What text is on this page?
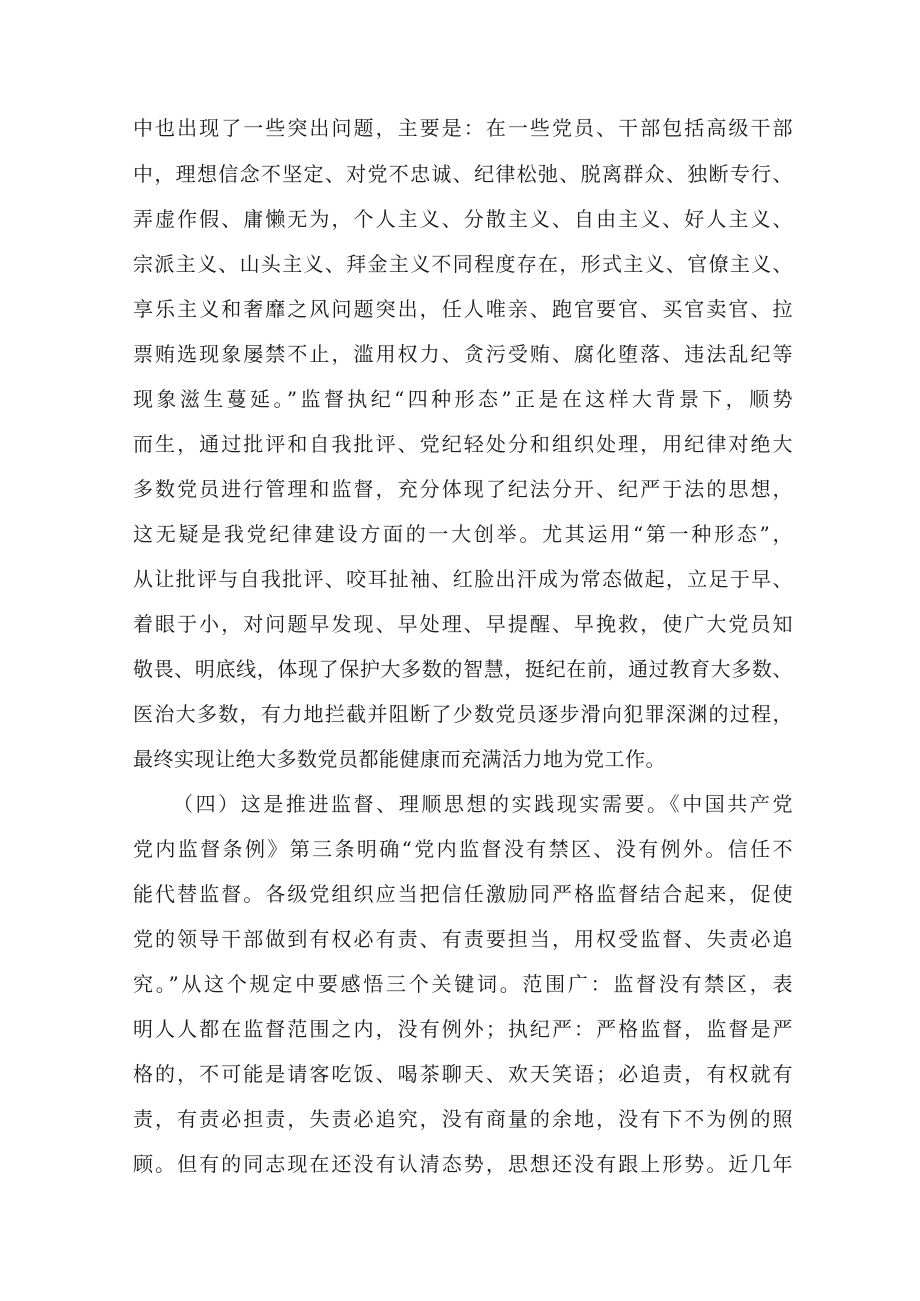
中也出现了一些突出问题，主要是：在一些党员、干部包括高级干部
中，理想信念不坚定、对党不忠诚、纪律松弛、脱离群众、独断专行、
弄虚作假、庸懒无为，个人主义、分散主义、自由主义、好人主义、
宗派主义、山头主义、拜金主义不同程度存在，形式主义、官僚主义、
享乐主义和奢靡之风问题突出，任人唯亲、跑官要官、买官卖官、拉
票贿选现象屡禁不止，滥用权力、贪污受贿、腐化堕落、违法乱纪等
现象滋生蔓延。”监督执纪“四种形态”正是在这样大背景下，顺势
而生，通过批评和自我批评、党纪轻处分和组织处理，用纪律对绝大
多数党员进行管理和监督，充分体现了纪法分开、纪严于法的思想，
这无疑是我党纪律建设方面的一大创举。尤其运用“第一种形态”，
从让批评与自我批评、咬耳扯袖、红脸出汗成为常态做起，立足于早、
着眼于小，对问题早发现、早处理、早提醒、早挽救，使广大党员知
敬畏、明底线，体现了保护大多数的智慧，挺纪在前，通过教育大多数、
医治大多数，有力地拦截并阻断了少数党员逐步滑向犯罪深渊的过程，
最终实现让绝大多数党员都能健康而充满活力地为党工作。
（四）这是推进监督、理顺思想的实践现实需要。《中国共产党
党内监督条例》第三条明确“党内监督没有禁区、没有例外。信任不
能代替监督。各级党组织应当把信任激励同严格监督结合起来，促使
党的领导干部做到有权必有责、有责要担当，用权受监督、失责必追
究。”从这个规定中要感悟三个关键词。范围广：监督没有禁区，表
明人人都在监督范围之内，没有例外；执纪严：严格监督，监督是严
格的，不可能是请客吃饭、喝茶聊天、欢天笑语；必追责，有权就有
责，有责必担责，失责必追究，没有商量的余地，没有下不为例的照
顾。但有的同志现在还没有认清态势，思想还没有跟上形势。近几年
